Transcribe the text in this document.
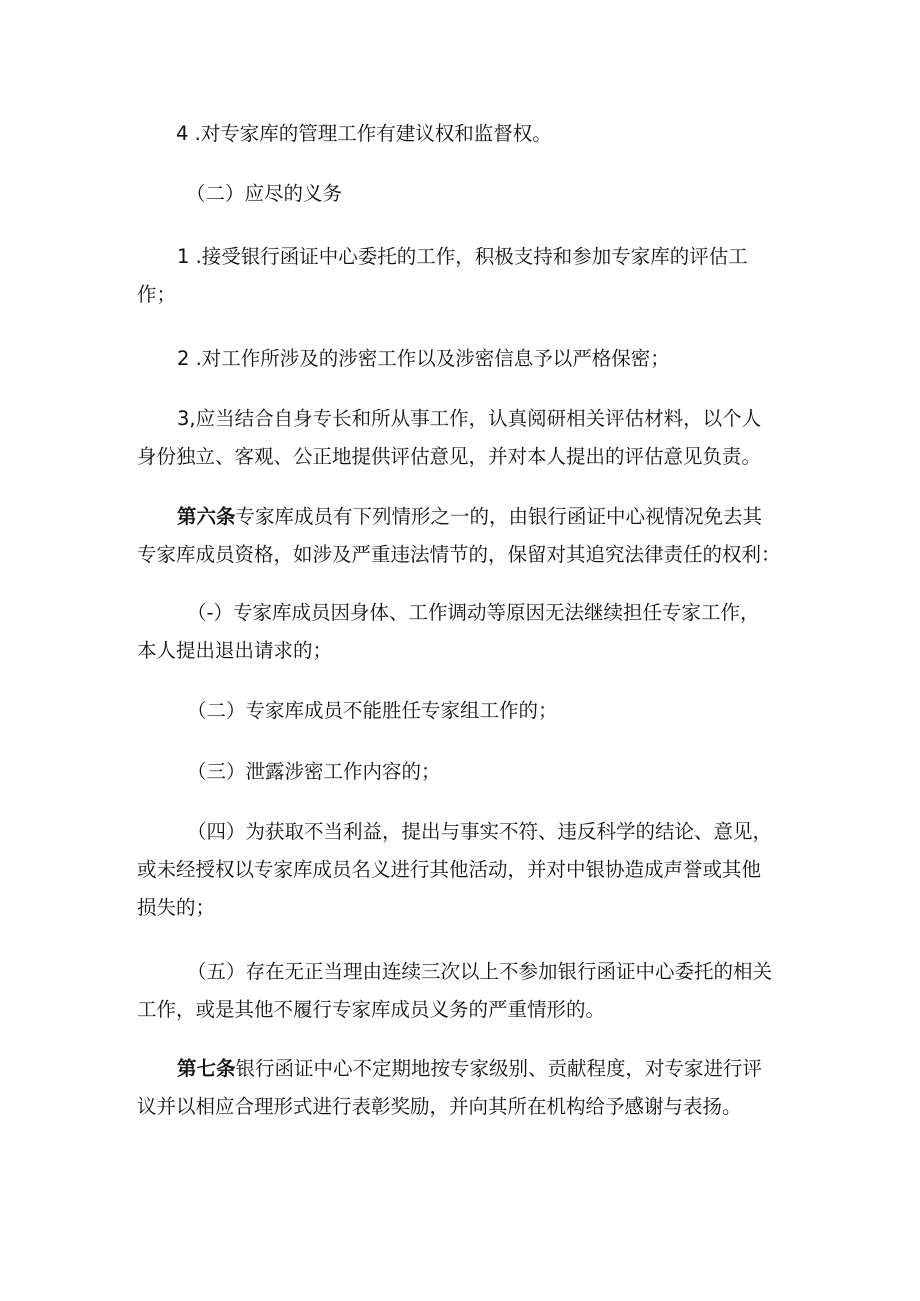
4 .对专家库的管理工作有建议权和监督权。
（二）应尽的义务
1 .接受银行函证中心委托的工作，积极支持和参加专家库的评估工
作；
2 .对工作所涉及的涉密工作以及涉密信息予以严格保密；
3,应当结合自身专长和所从事工作，认真阅研相关评估材料，以个人
身份独立、客观、公正地提供评估意见，并对本人提出的评估意见负责。
第六条专家库成员有下列情形之一的，由银行函证中心视情况免去其
专家库成员资格，如涉及严重违法情节的，保留对其追究法律责任的权利：
（-）专家库成员因身体、工作调动等原因无法继续担任专家工作，
本人提出退出请求的；
（二）专家库成员不能胜任专家组工作的；
（三）泄露涉密工作内容的；
（四）为获取不当利益，提出与事实不符、违反科学的结论、意见，
或未经授权以专家库成员名义进行其他活动，并对中银协造成声誉或其他
损失的；
（五）存在无正当理由连续三次以上不参加银行函证中心委托的相关
工作，或是其他不履行专家库成员义务的严重情形的。
第七条银行函证中心不定期地按专家级别、贡献程度，对专家进行评
议并以相应合理形式进行表彰奖励，并向其所在机构给予感谢与表扬。
